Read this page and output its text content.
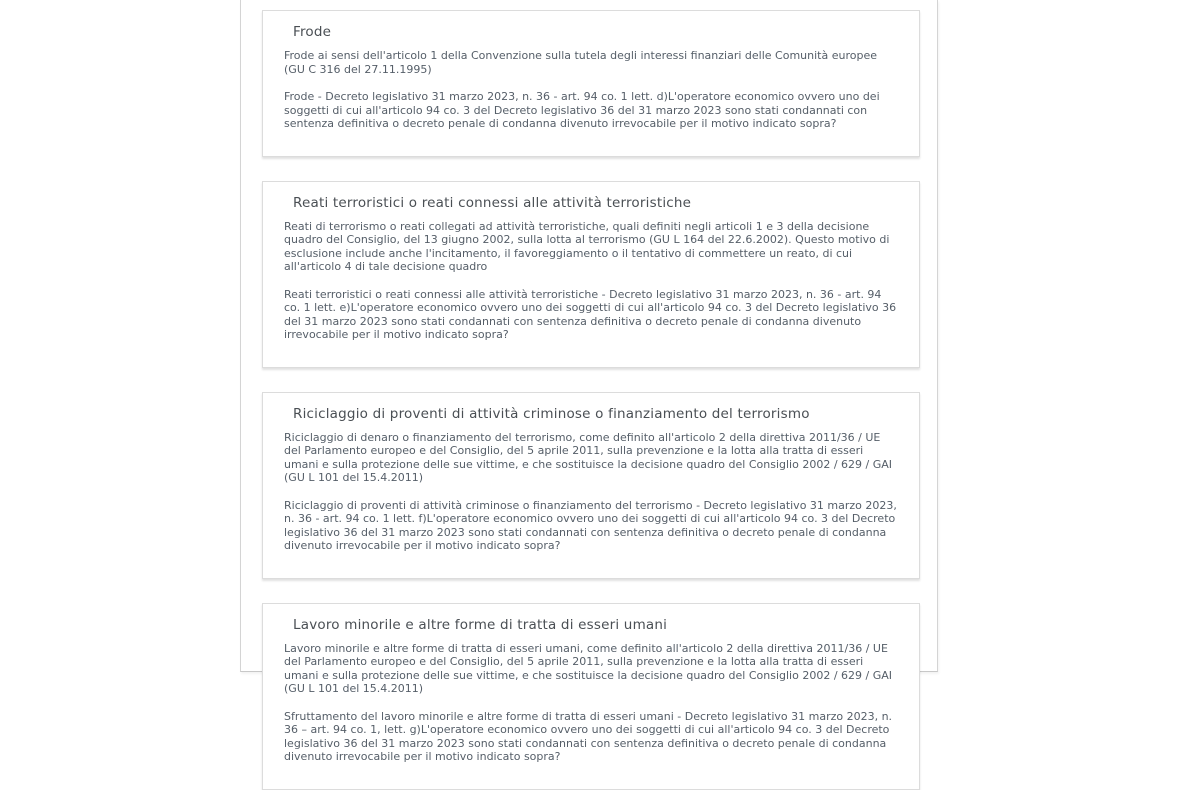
Frode

Frode ai sensi dell'articolo 1 della Convenzione sulla tutela degli interessi finanziari delle Comunità europee (GU C 316 del 27.11.1995)

Frode - Decreto legislativo 31 marzo 2023, n. 36 - art. 94 co. 1 lett. d)L'operatore economico ovvero uno dei soggetti di cui all'articolo 94 co. 3 del Decreto legislativo 36 del 31 marzo 2023 sono stati condannati con sentenza definitiva o decreto penale di condanna divenuto irrevocabile per il motivo indicato sopra?

Reati terroristici o reati connessi alle attività terroristiche

Reati di terrorismo o reati collegati ad attività terroristiche, quali definiti negli articoli 1 e 3 della decisione quadro del Consiglio, del 13 giugno 2002, sulla lotta al terrorismo (GU L 164 del 22.6.2002). Questo motivo di esclusione include anche l'incitamento, il favoreggiamento o il tentativo di commettere un reato, di cui all'articolo 4 di tale decisione quadro

Reati terroristici o reati connessi alle attività terroristiche - Decreto legislativo 31 marzo 2023, n. 36 - art. 94 co. 1 lett. e)L'operatore economico ovvero uno dei soggetti di cui all'articolo 94 co. 3 del Decreto legislativo 36 del 31 marzo 2023 sono stati condannati con sentenza definitiva o decreto penale di condanna divenuto irrevocabile per il motivo indicato sopra?

Riciclaggio di proventi di attività criminose o finanziamento del terrorismo

Riciclaggio di denaro o finanziamento del terrorismo, come definito all'articolo 2 della direttiva 2011/36 / UE del Parlamento europeo e del Consiglio, del 5 aprile 2011, sulla prevenzione e la lotta alla tratta di esseri umani e sulla protezione delle sue vittime, e che sostituisce la decisione quadro del Consiglio 2002 / 629 / GAI (GU L 101 del 15.4.2011)

Riciclaggio di proventi di attività criminose o finanziamento del terrorismo - Decreto legislativo 31 marzo 2023, n. 36 - art. 94 co. 1 lett. f)L'operatore economico ovvero uno dei soggetti di cui all'articolo 94 co. 3 del Decreto legislativo 36 del 31 marzo 2023 sono stati condannati con sentenza definitiva o decreto penale di condanna divenuto irrevocabile per il motivo indicato sopra?

Lavoro minorile e altre forme di tratta di esseri umani

Lavoro minorile e altre forme di tratta di esseri umani, come definito all'articolo 2 della direttiva 2011/36 / UE del Parlamento europeo e del Consiglio, del 5 aprile 2011, sulla prevenzione e la lotta alla tratta di esseri umani e sulla protezione delle sue vittime, e che sostituisce la decisione quadro del Consiglio 2002 / 629 / GAI (GU L 101 del 15.4.2011)

Sfruttamento del lavoro minorile e altre forme di tratta di esseri umani - Decreto legislativo 31 marzo 2023, n. 36 – art. 94 co. 1, lett. g)L'operatore economico ovvero uno dei soggetti di cui all'articolo 94 co. 3 del Decreto legislativo 36 del 31 marzo 2023 sono stati condannati con sentenza definitiva o decreto penale di condanna divenuto irrevocabile per il motivo indicato sopra?
